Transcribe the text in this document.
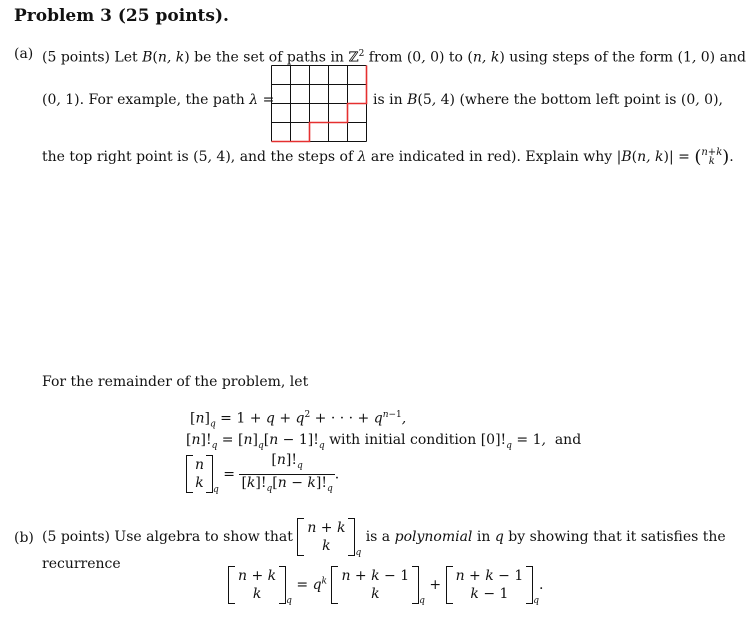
Problem 3 (25 points).
(a) (5 points) Let B(n, k) be the set of paths in ℤ$^2$ from (0, 0) to (n, k) using steps of the form (1, 0) and
(0, 1). For example, the path λ =	is in B(5, 4) (where the bottom left point is (0, 0),
the top right point is (5, 4), and the steps of λ are indicated in red). Explain why |B(n, k)| = (n+k
k ).
For the remainder of the problem, let
$[n]_q = 1 + q + q^2$ + · · · + $q^{n-1}$,
$[n]!_q = [n]_q[n - 1]!_q$ with initial condition $[0]!_q = 1$,  and
n
k $_q = \frac{[n]!_q}{[k]!_q[n - k]!_q}$ .
(b) (5 points) Use algebra to show that n + k
k	$_q$ is a polynomial in q by showing that it satisfies the
recurrence
n + k
k	$_q = q^k$ n + k − 1
k	$_q$ + n + k − 1
k − 1	$_q$.
